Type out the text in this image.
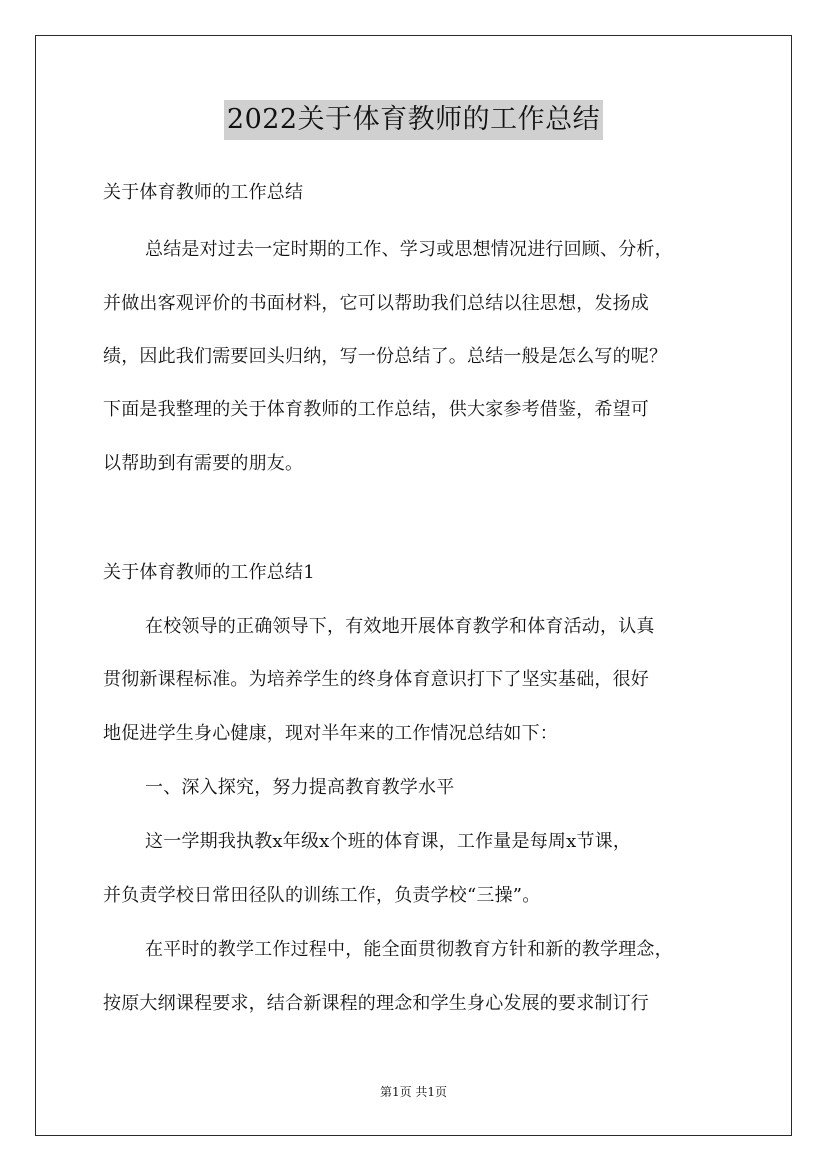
2022关于体育教师的工作总结
关于体育教师的工作总结
总结是对过去一定时期的工作、学习或思想情况进行回顾、分析，
并做出客观评价的书面材料，它可以帮助我们总结以往思想，发扬成
绩，因此我们需要回头归纳，写一份总结了。总结一般是怎么写的呢？
下面是我整理的关于体育教师的工作总结，供大家参考借鉴，希望可
以帮助到有需要的朋友。
关于体育教师的工作总结1
在校领导的正确领导下，有效地开展体育教学和体育活动，认真
贯彻新课程标准。为培养学生的终身体育意识打下了坚实基础，很好
地促进学生身心健康，现对半年来的工作情况总结如下：
一、深入探究，努力提高教育教学水平
这一学期我执教x年级x个班的体育课，工作量是每周x节课，
并负责学校日常田径队的训练工作，负责学校“三操”。
在平时的教学工作过程中，能全面贯彻教育方针和新的教学理念，
按原大纲课程要求，结合新课程的理念和学生身心发展的要求制订行
第1页 共1页
